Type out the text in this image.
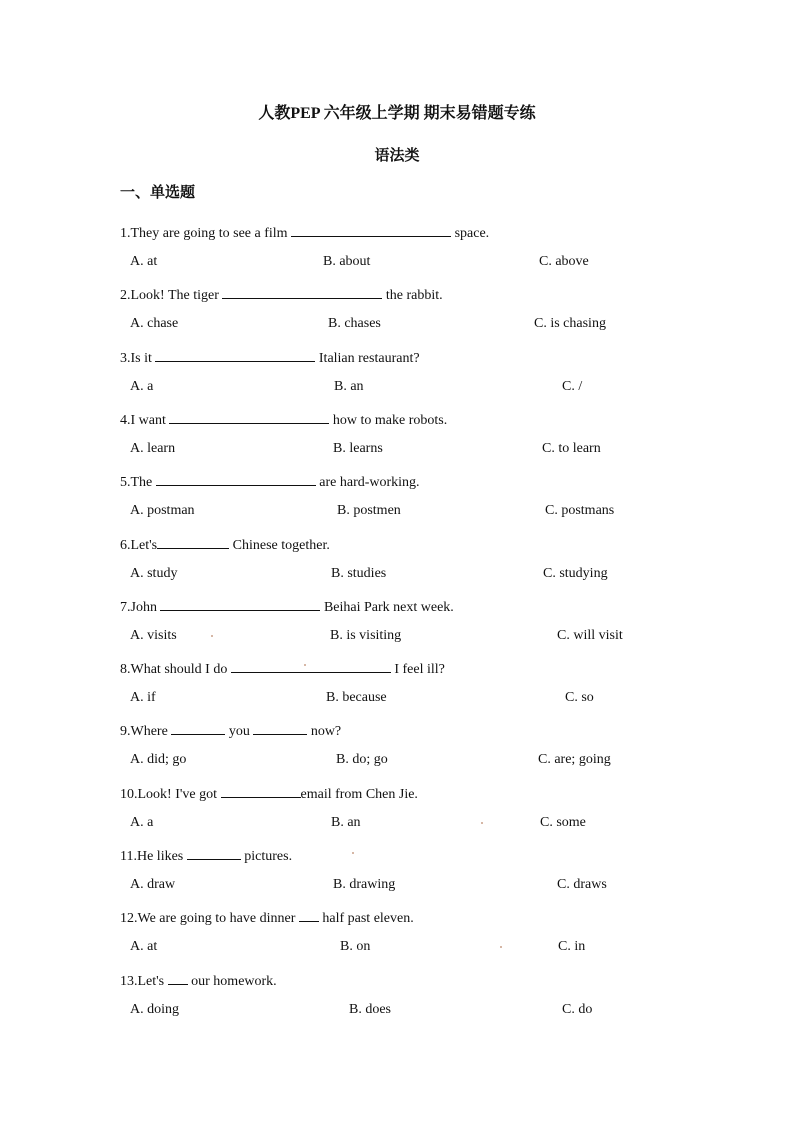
人教PEP 六年级上学期 期末易错题专练
语法类
一、单选题
1.They are going to see a film	space.
A. at	B. about	C. above
2.Look! The tiger	the rabbit.
A. chase	B. chases	C. is chasing
3.Is it	Italian restaurant?
A. a	B. an	C. /
4.I want	how to make robots.
A. learn	B. learns	C. to learn
5.The	are hard-working.
A. postman	B. postmen	C. postmans
6.Let's	Chinese together.
A. study	B. studies	C. studying
7.John	Beihai Park next week.
A. visits	B. is visiting	C. will visit
8.What should I do	I feel ill?
A. if	B. because	C. so
9.Where	you	now?
A. did; go	B. do; go	C. are; going
10.Look! I've got	email from Chen Jie.
A. a	B. an	C. some
11.He likes	pictures.
A. draw	B. drawing	C. draws
12.We are going to have dinner  half past eleven.
A. at	B. on	C. in
13.Let's  our homework.
A. doing	B. does	C. do
